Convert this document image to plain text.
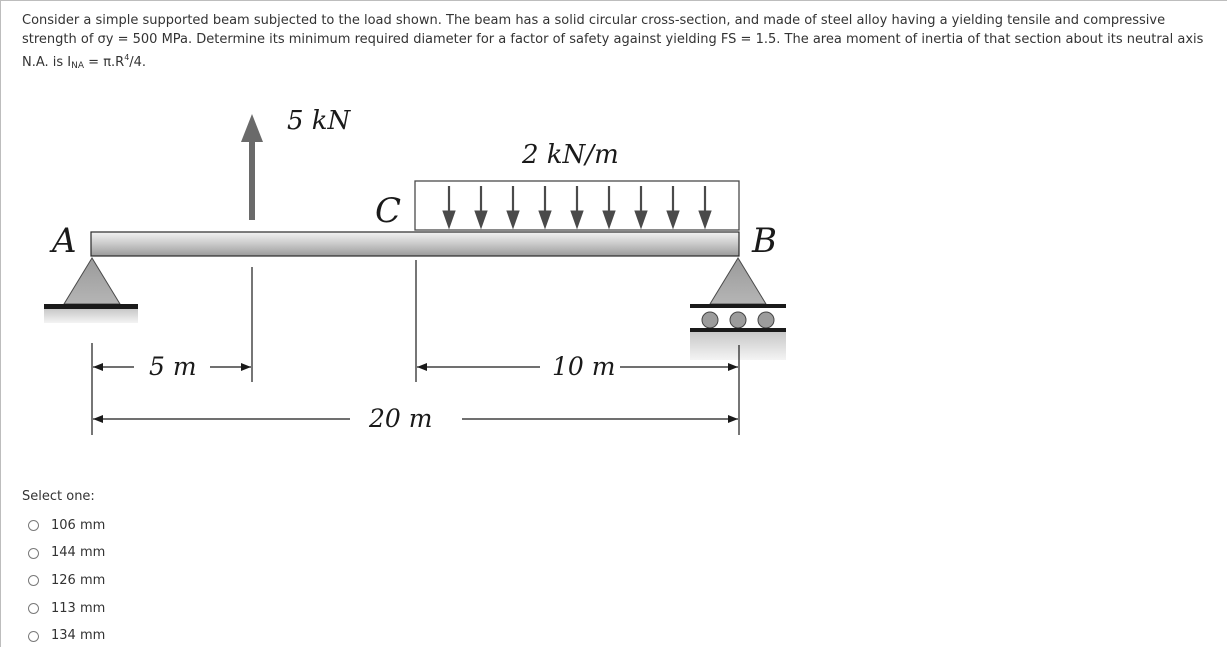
Consider a simple supported beam subjected to the load shown. The beam has a solid circular cross-section, and made of steel alloy having a yielding tensile and compressive
strength of σy = 500 MPa. Determine its minimum required diameter for a factor of safety against yielding FS = 1.5. The area moment of inertia of that section about its neutral axis
N.A. is $I_{NA} = \pi.R^4/4$.
A	B
C
5 kN
2 kN/m
5 m	10 m
20 m
Select one:
106 mm
144 mm
126 mm
113 mm
134 mm
